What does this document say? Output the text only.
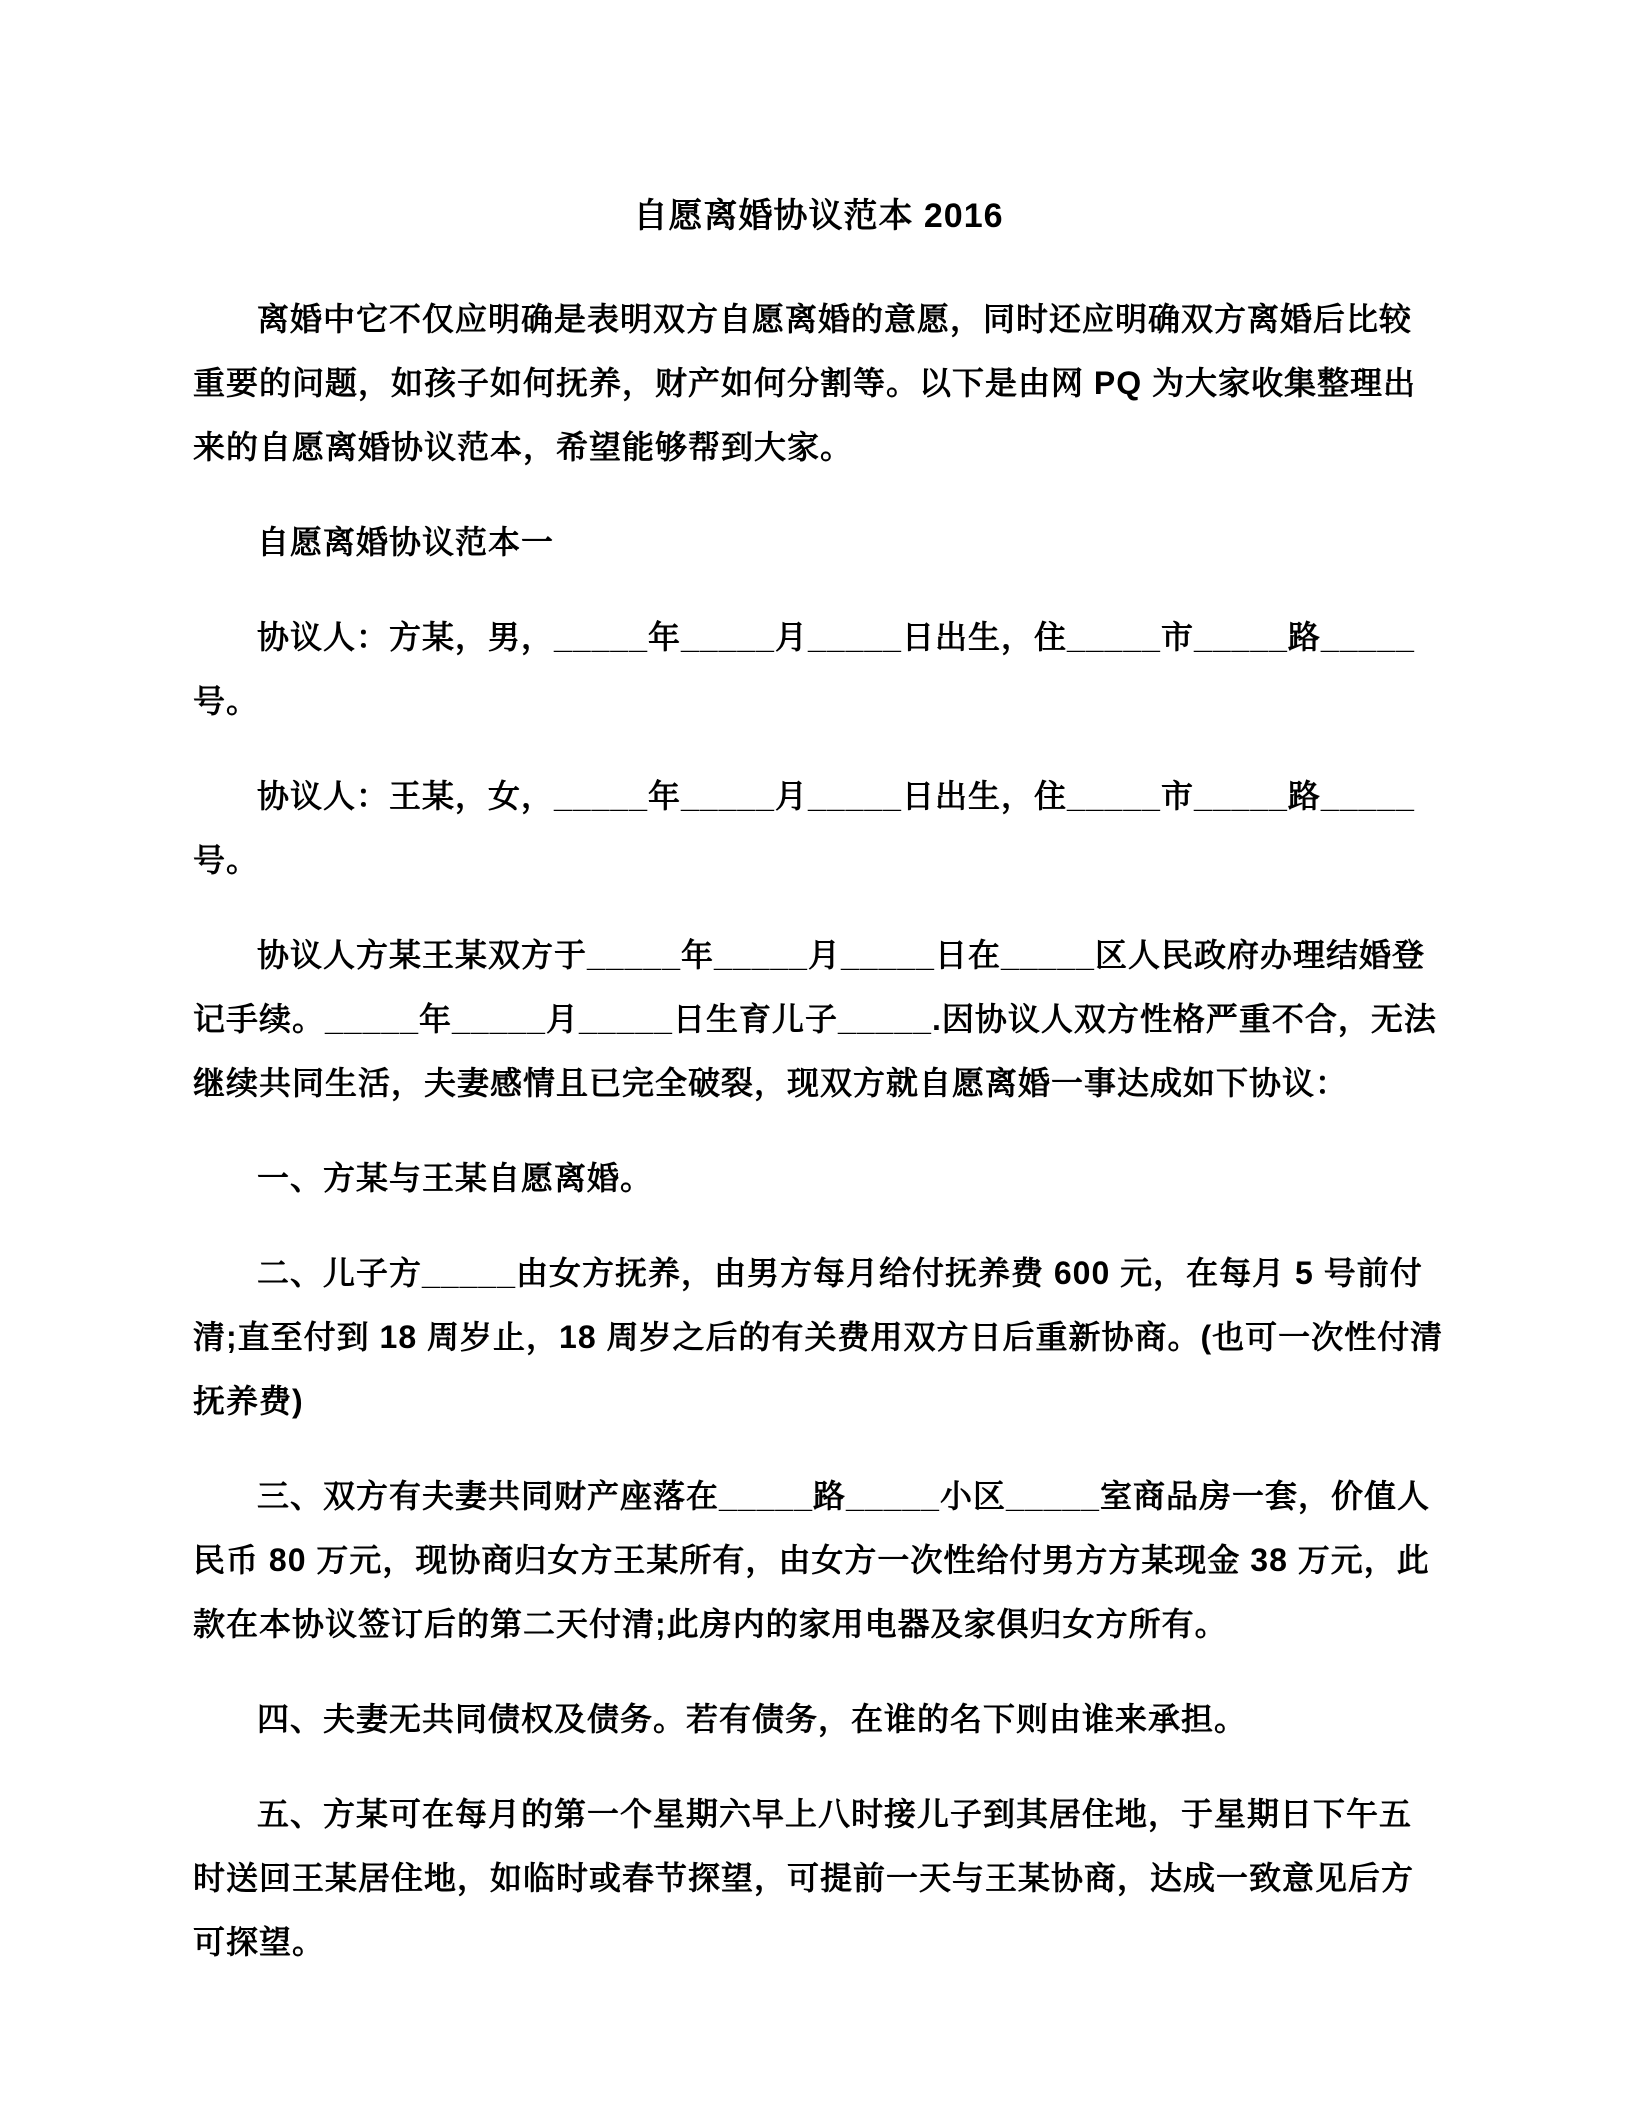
自愿离婚协议范本 2016

离婚中它不仅应明确是表明双方自愿离婚的意愿，同时还应明确双方离婚后比较重要的问题，如孩子如何抚养，财产如何分割等。以下是由网 PQ 为大家收集整理出来的自愿离婚协议范本，希望能够帮到大家。

自愿离婚协议范本一

协议人：方某，男，_____年_____月_____日出生，住_____市_____路_____号。

协议人：王某，女，_____年_____月_____日出生，住_____市_____路_____号。

协议人方某王某双方于_____年_____月_____日在_____区人民政府办理结婚登记手续。_____年_____月_____日生育儿子_____.因协议人双方性格严重不合，无法继续共同生活，夫妻感情且已完全破裂，现双方就自愿离婚一事达成如下协议：

一、方某与王某自愿离婚。

二、儿子方_____由女方抚养，由男方每月给付抚养费 600 元，在每月 5 号前付清;直至付到 18 周岁止，18 周岁之后的有关费用双方日后重新协商。(也可一次性付清抚养费)

三、双方有夫妻共同财产座落在_____路_____小区_____室商品房一套，价值人民币 80 万元，现协商归女方王某所有，由女方一次性给付男方方某现金 38 万元，此款在本协议签订后的第二天付清;此房内的家用电器及家俱归女方所有。

四、夫妻无共同债权及债务。若有债务，在谁的名下则由谁来承担。

五、方某可在每月的第一个星期六早上八时接儿子到其居住地，于星期日下午五时送回王某居住地，如临时或春节探望，可提前一天与王某协商，达成一致意见后方可探望。
